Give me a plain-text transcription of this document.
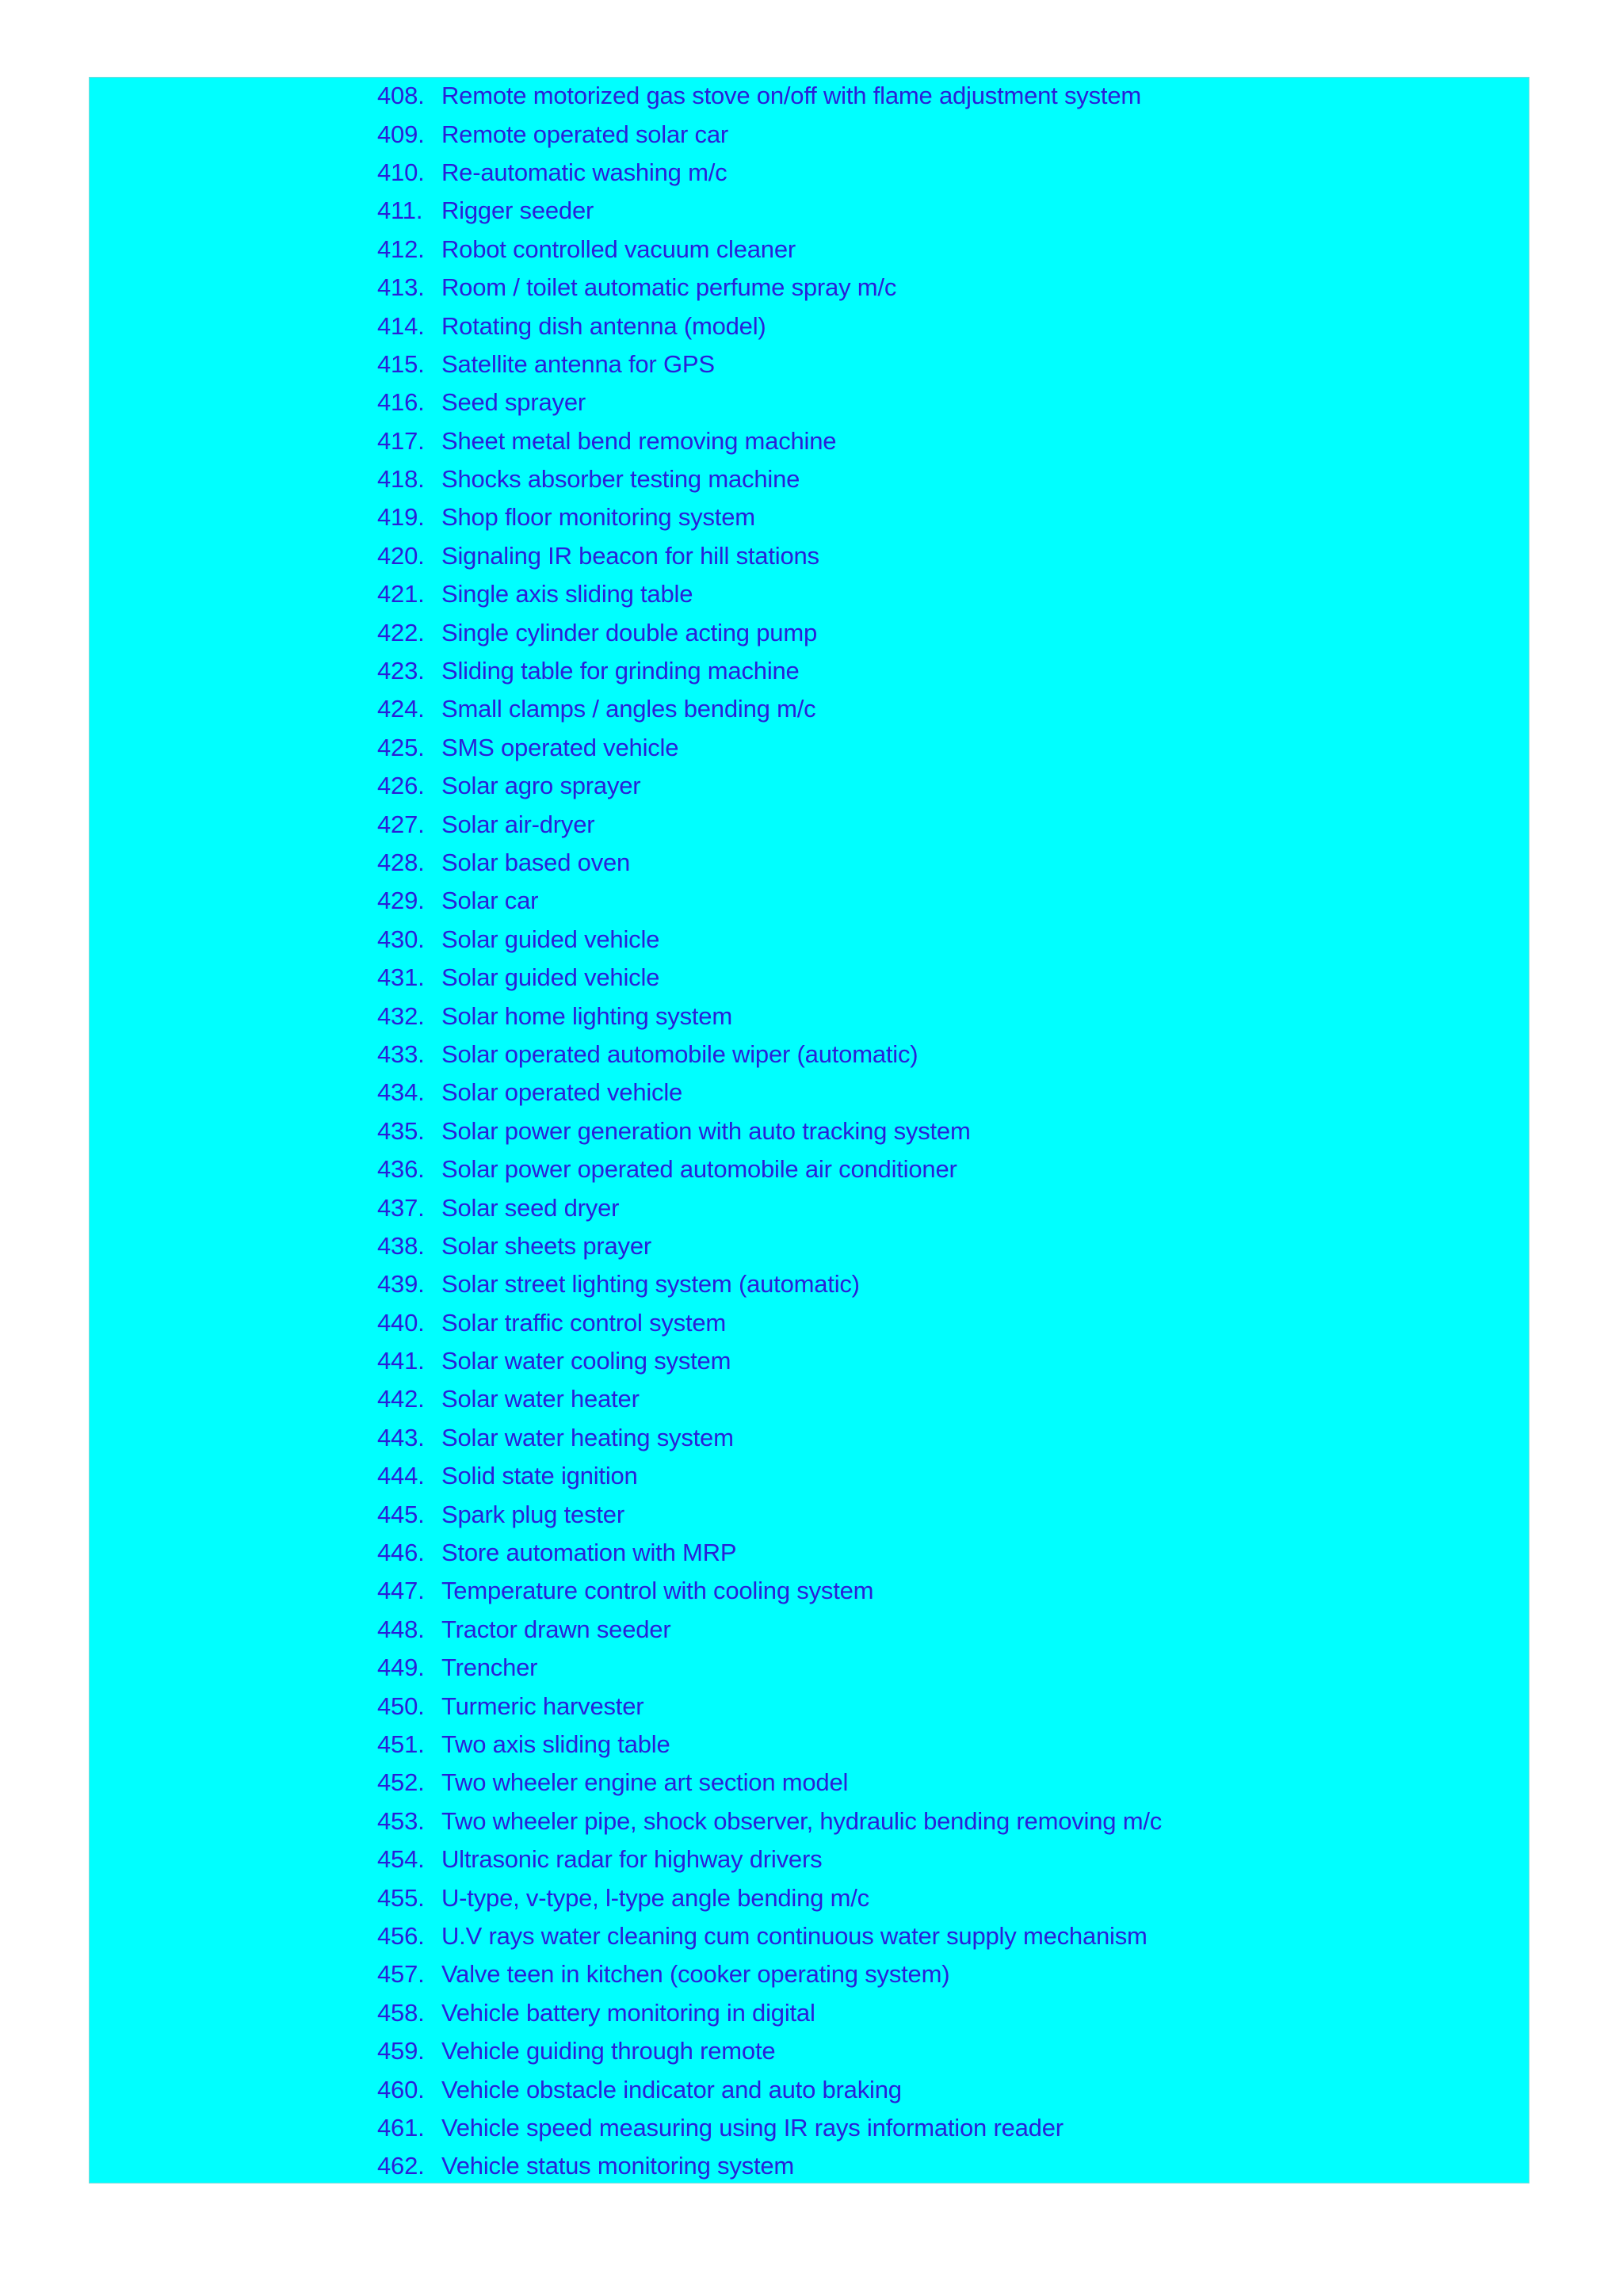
408. Remote motorized gas stove on/off with flame adjustment system
409. Remote operated solar car
410. Re-automatic washing m/c
411. Rigger seeder
412. Robot controlled vacuum cleaner
413. Room / toilet automatic perfume spray m/c
414. Rotating dish antenna (model)
415. Satellite antenna for GPS
416. Seed sprayer
417. Sheet metal bend removing machine
418. Shocks absorber testing machine
419. Shop floor monitoring system
420. Signaling IR beacon for hill stations
421. Single axis sliding table
422. Single cylinder double acting pump
423. Sliding table for grinding machine
424. Small clamps / angles bending m/c
425. SMS operated vehicle
426. Solar agro sprayer
427. Solar air-dryer
428. Solar based oven
429. Solar car
430. Solar guided vehicle
431. Solar guided vehicle
432. Solar home lighting system
433. Solar operated automobile wiper (automatic)
434. Solar operated vehicle
435. Solar power generation with auto tracking system
436. Solar power operated automobile air conditioner
437. Solar seed dryer
438. Solar sheets prayer
439. Solar street lighting system (automatic)
440. Solar traffic control system
441. Solar water cooling system
442. Solar water heater
443. Solar water heating system
444. Solid state ignition
445. Spark plug tester
446. Store automation with MRP
447. Temperature control with cooling system
448. Tractor drawn seeder
449. Trencher
450. Turmeric harvester
451. Two axis sliding table
452. Two wheeler engine art section model
453. Two wheeler pipe, shock observer, hydraulic bending removing m/c
454. Ultrasonic radar for highway drivers
455. U-type, v-type, l-type angle bending m/c
456. U.V rays water cleaning cum continuous water supply mechanism
457. Valve teen in kitchen (cooker operating system)
458. Vehicle battery monitoring in digital
459. Vehicle guiding through remote
460. Vehicle obstacle indicator and auto braking
461. Vehicle speed measuring using IR rays information reader
462. Vehicle status monitoring system
